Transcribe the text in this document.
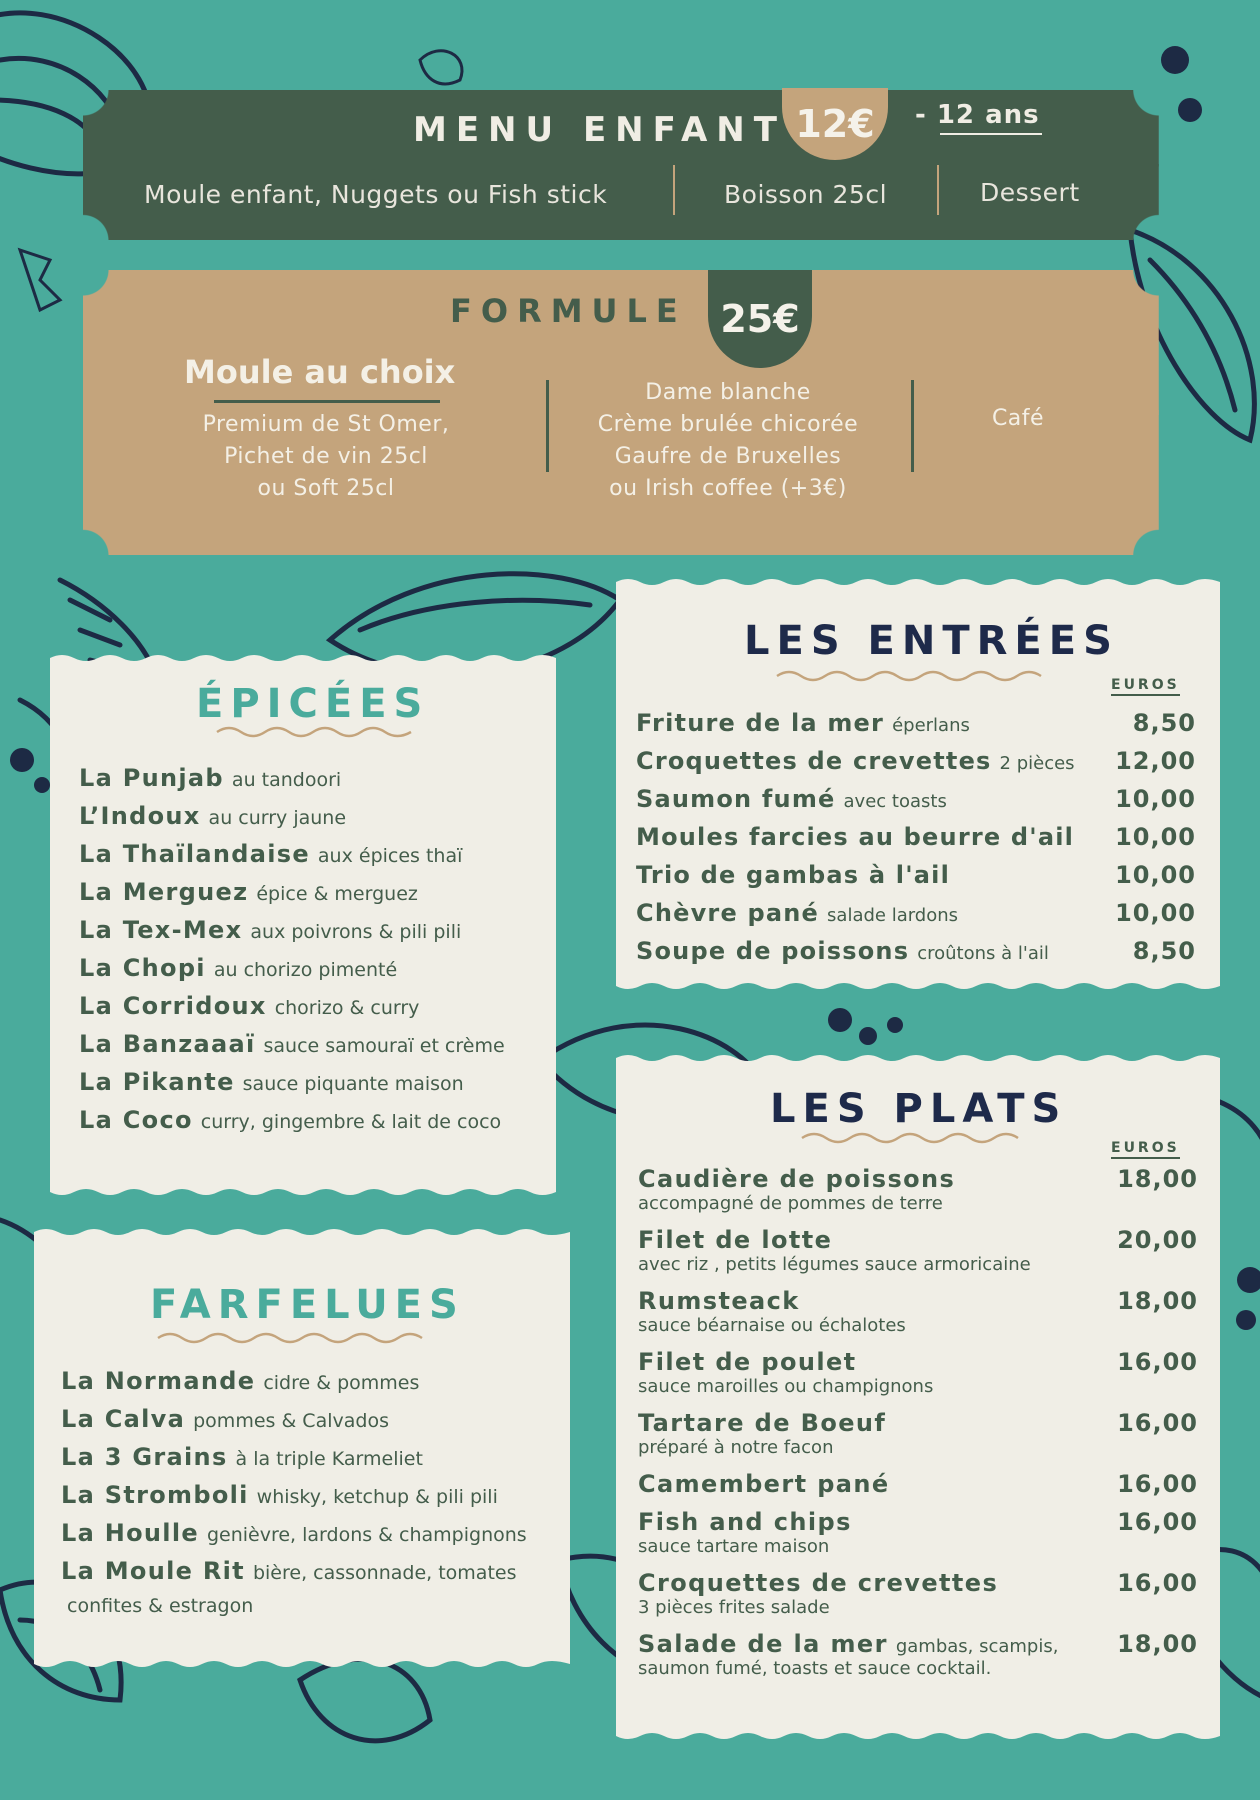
MENU ENFANT 12€	- 12 ans
Moule enfant, Nuggets ou Fish stick	Boisson 25cl	Dessert
FORMULE 25€
Moule au choix
Premium de St Omer,
Pichet de vin 25cl
ou Soft 25cl
Dame blanche
Crème brulée chicorée
Gaufre de Bruxelles
ou Irish coffee (+3€)
Café
ÉPICÉES
La Punjab au tandoori
L’Indoux au curry jaune
La Thaïlandaise aux épices thaï
La Merguez épice & merguez
La Tex-Mex aux poivrons & pili pili
La Chopi au chorizo pimenté
La Corridoux chorizo & curry
La Banzaaaï sauce samouraï et crème
La Pikante sauce piquante maison
La Coco curry, gingembre & lait de coco
FARFELUES
La Normande cidre & pommes
La Calva pommes & Calvados
La 3 Grains à la triple Karmeliet
La Stromboli whisky, ketchup & pili pili
La Houlle genièvre, lardons & champignons
La Moule Rit bière, cassonnade, tomates
confites & estragon
LES ENTRÉES
EUROS
Friture de la mer éperlans	8,50
Croquettes de crevettes 2 pièces 12,00
Saumon fumé avec toasts	10,00
Moules farcies au beurre d'ail	10,00
Trio de gambas à l'ail	10,00
Chèvre pané salade lardons	10,00
Soupe de poissons croûtons à l'ail	8,50
LES PLATS
EUROS
Caudière de poissons	18,00
accompagné de pommes de terre
Filet de lotte	20,00
avec riz , petits légumes sauce armoricaine
Rumsteack	18,00
sauce béarnaise ou échalotes
Filet de poulet	16,00
sauce maroilles ou champignons
Tartare de Boeuf	16,00
préparé à notre facon
Camembert pané	16,00
Fish and chips	16,00
sauce tartare maison
Croquettes de crevettes	16,00
3 pièces frites salade
Salade de la mer gambas, scampis, 18,00
saumon fumé, toasts et sauce cocktail.
